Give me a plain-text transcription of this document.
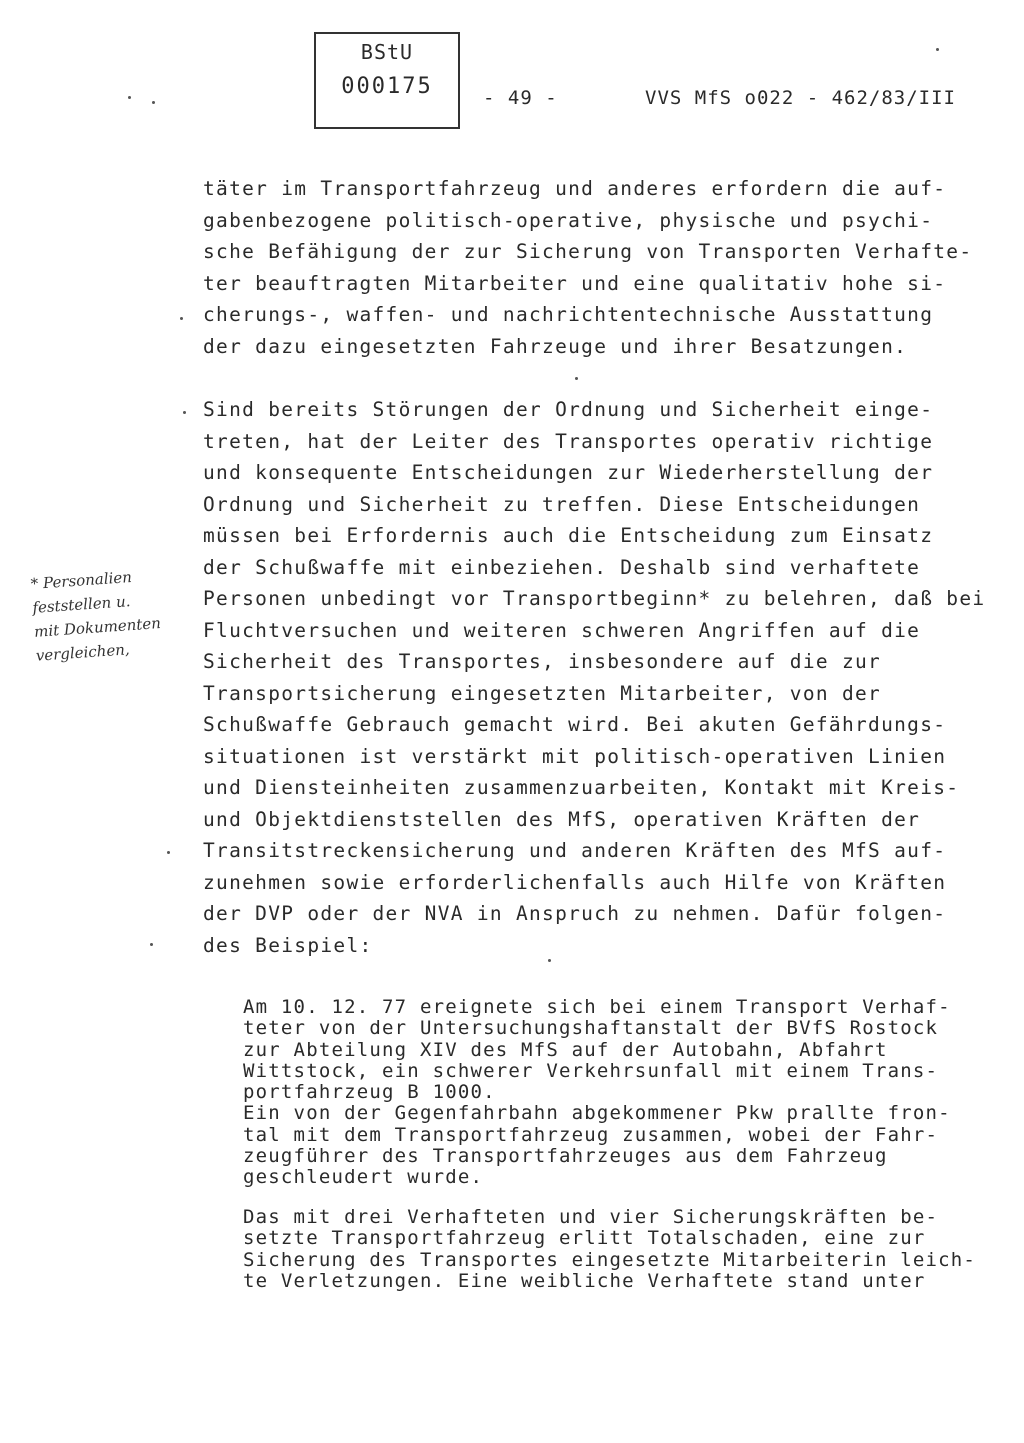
BStU
000175	- 49 -	VVS MfS o022 - 462/83/III
täter im Transportfahrzeug und anderes erfordern die auf-
gabenbezogene politisch-operative, physische und psychi-
sche Befähigung der zur Sicherung von Transporten Verhafte-
ter beauftragten Mitarbeiter und eine qualitativ hohe si-
cherungs-, waffen- und nachrichtentechnische Ausstattung
der dazu eingesetzten Fahrzeuge und ihrer Besatzungen.
Sind bereits Störungen der Ordnung und Sicherheit einge-
treten, hat der Leiter des Transportes operativ richtige
und konsequente Entscheidungen zur Wiederherstellung der
Ordnung und Sicherheit zu treffen. Diese Entscheidungen
müssen bei Erfordernis auch die Entscheidung zum Einsatz
der Schußwaffe mit einbeziehen. Deshalb sind verhaftete
Personen unbedingt vor Transportbeginn* zu belehren, daß bei
Fluchtversuchen und weiteren schweren Angriffen auf die
Sicherheit des Transportes, insbesondere auf die zur
Transportsicherung eingesetzten Mitarbeiter, von der
Schußwaffe Gebrauch gemacht wird. Bei akuten Gefährdungs-
situationen ist verstärkt mit politisch-operativen Linien
und Diensteinheiten zusammenzuarbeiten, Kontakt mit Kreis-
und Objektdienststellen des MfS, operativen Kräften der
Transitstreckensicherung und anderen Kräften des MfS auf-
zunehmen sowie erforderlichenfalls auch Hilfe von Kräften
der DVP oder der NVA in Anspruch zu nehmen. Dafür folgen-
des Beispiel:
* Personalien
feststellen u.
mit Dokumenten
vergleichen,
Am 10. 12. 77 ereignete sich bei einem Transport Verhaf-
teter von der Untersuchungshaftanstalt der BVfS Rostock
zur Abteilung XIV des MfS auf der Autobahn, Abfahrt
Wittstock, ein schwerer Verkehrsunfall mit einem Trans-
portfahrzeug B 1000.
Ein von der Gegenfahrbahn abgekommener Pkw prallte fron-
tal mit dem Transportfahrzeug zusammen, wobei der Fahr-
zeugführer des Transportfahrzeuges aus dem Fahrzeug
geschleudert wurde.
Das mit drei Verhafteten und vier Sicherungskräften be-
setzte Transportfahrzeug erlitt Totalschaden, eine zur
Sicherung des Transportes eingesetzte Mitarbeiterin leich-
te Verletzungen. Eine weibliche Verhaftete stand unter
